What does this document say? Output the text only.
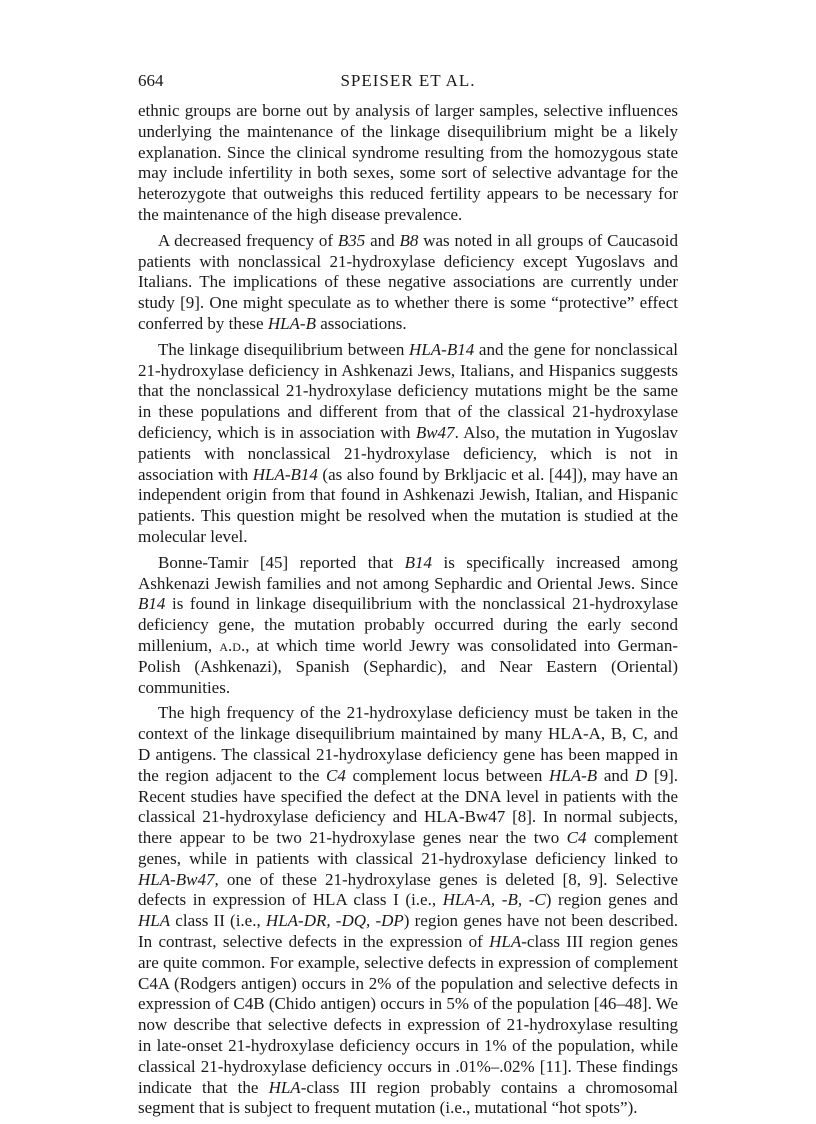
664	SPEISER ET AL.

ethnic groups are borne out by analysis of larger samples, selective influences underlying the maintenance of the linkage disequilibrium might be a likely explanation. Since the clinical syndrome resulting from the homozygous state may include infertility in both sexes, some sort of selective advantage for the heterozygote that outweighs this reduced fertility appears to be necessary for the maintenance of the high disease prevalence.

A decreased frequency of B35 and B8 was noted in all groups of Caucasoid patients with nonclassical 21-hydroxylase deficiency except Yugoslavs and Italians. The implications of these negative associations are currently under study [9]. One might speculate as to whether there is some “protective” effect conferred by these HLA-B associations.

The linkage disequilibrium between HLA-B14 and the gene for nonclassical 21-hydroxylase deficiency in Ashkenazi Jews, Italians, and Hispanics suggests that the nonclassical 21-hydroxylase deficiency mutations might be the same in these populations and different from that of the classical 21-hydroxylase deficiency, which is in association with Bw47. Also, the mutation in Yugoslav patients with nonclassical 21-hydroxylase deficiency, which is not in association with HLA-B14 (as also found by Brkljacic et al. [44]), may have an independent origin from that found in Ashkenazi Jewish, Italian, and Hispanic patients. This question might be resolved when the mutation is studied at the molecular level.

Bonne-Tamir [45] reported that B14 is specifically increased among Ashkenazi Jewish families and not among Sephardic and Oriental Jews. Since B14 is found in linkage disequilibrium with the nonclassical 21-hydroxylase deficiency gene, the mutation probably occurred during the early second millenium, a.d., at which time world Jewry was consolidated into German-Polish (Ashkenazi), Spanish (Sephardic), and Near Eastern (Oriental) communities.

The high frequency of the 21-hydroxylase deficiency must be taken in the context of the linkage disequilibrium maintained by many HLA-A, B, C, and D antigens. The classical 21-hydroxylase deficiency gene has been mapped in the region adjacent to the C4 complement locus between HLA-B and D [9]. Recent studies have specified the defect at the DNA level in patients with the classical 21-hydroxylase deficiency and HLA-Bw47 [8]. In normal subjects, there appear to be two 21-hydroxylase genes near the two C4 complement genes, while in patients with classical 21-hydroxylase deficiency linked to HLA-Bw47, one of these 21-hydroxylase genes is deleted [8, 9]. Selective defects in expression of HLA class I (i.e., HLA-A, -B, -C) region genes and HLA class II (i.e., HLA-DR, -DQ, -DP) region genes have not been described. In contrast, selective defects in the expression of HLA-class III region genes are quite common. For example, selective defects in expression of complement C4A (Rodgers antigen) occurs in 2% of the population and selective defects in expression of C4B (Chido antigen) occurs in 5% of the population [46–48]. We now describe that selective defects in expression of 21-hydroxylase resulting in late-onset 21-hydroxylase deficiency occurs in 1% of the population, while classical 21-hydroxylase deficiency occurs in .01%–.02% [11]. These findings indicate that the HLA-class III region probably contains a chromosomal segment that is subject to frequent mutation (i.e., mutational “hot spots”).
